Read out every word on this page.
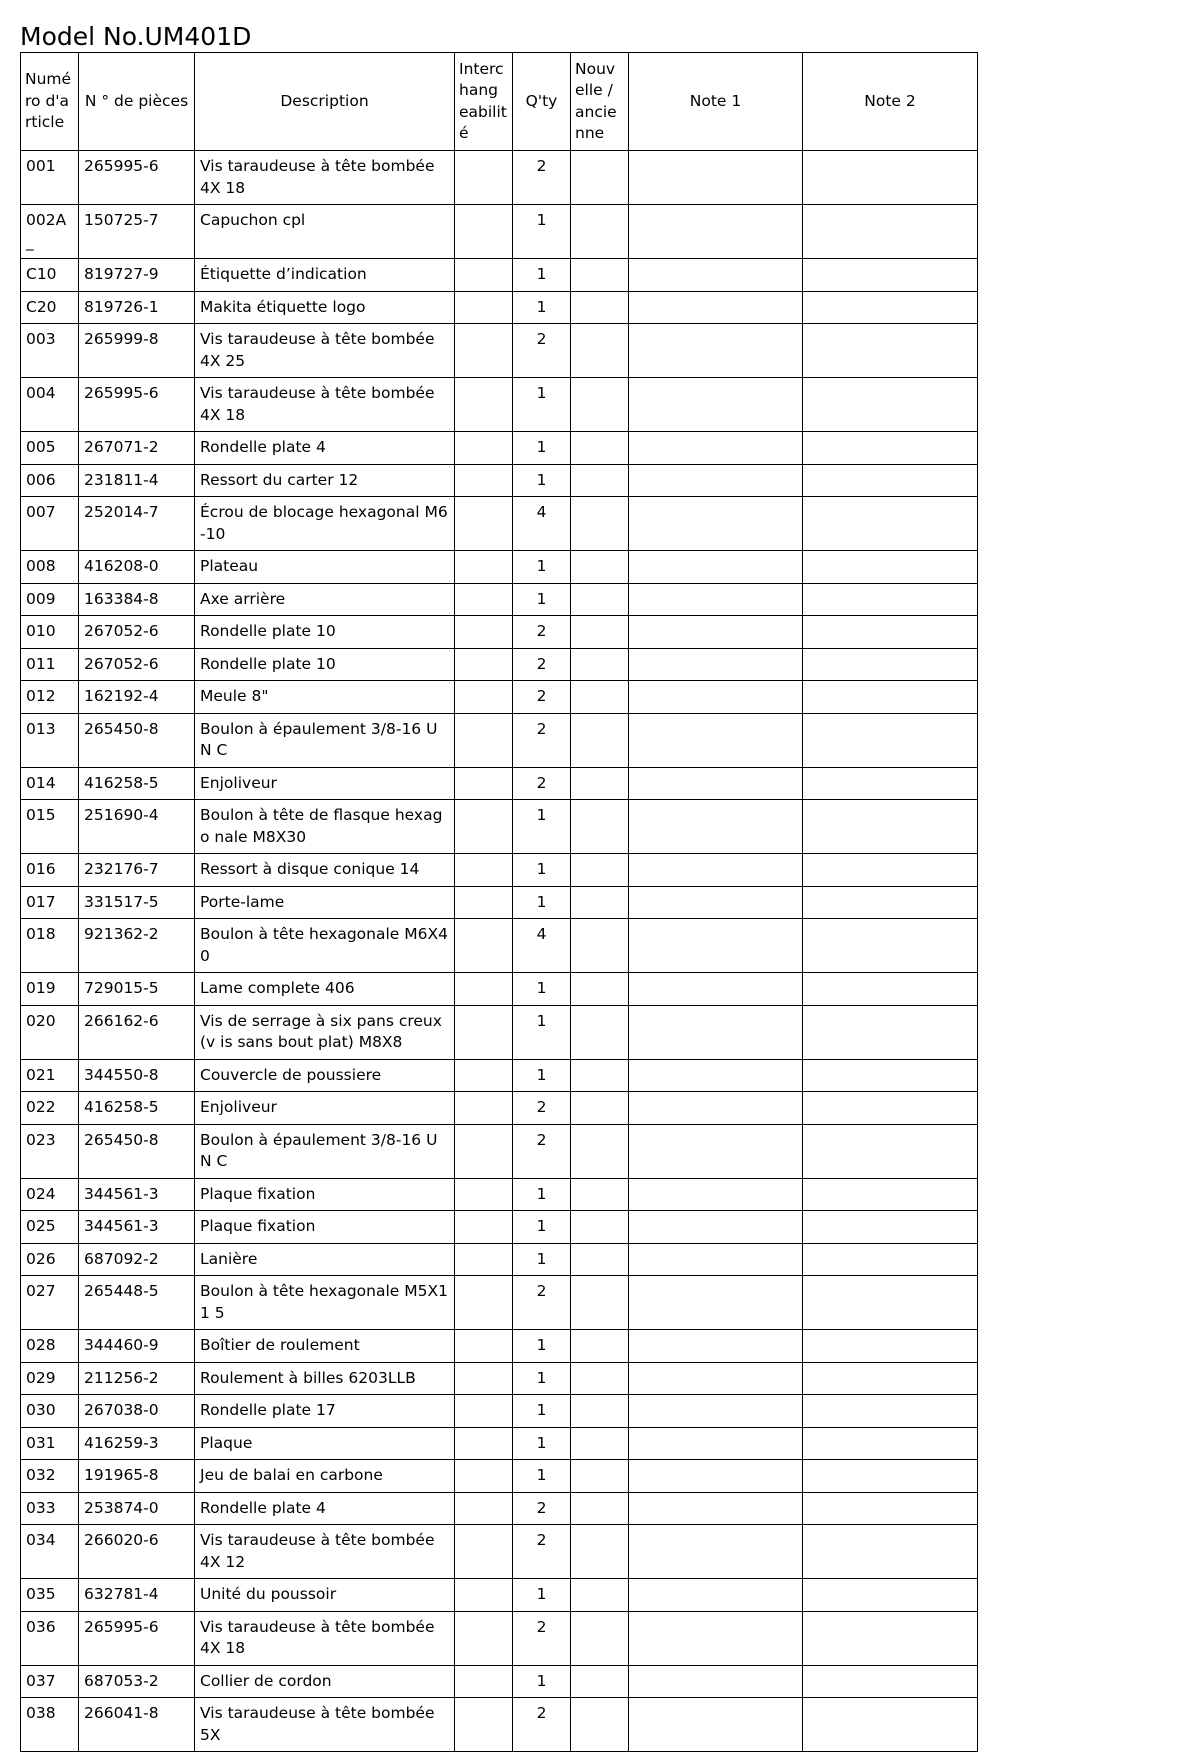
Model No.UM401D
Numé ro d'a rticle	N ° de pièces	Description	Interc hang eabilit é	Q'ty	Nouv elle / ancie nne	Note 1	Note 2
001	265995-6	Vis taraudeuse à tête bombée 4X 18		2			
002A_	150725-7	Capuchon cpl		1			
C10	819727-9	Étiquette d’indication		1			
C20	819726-1	Makita étiquette logo		1			
003	265999-8	Vis taraudeuse à tête bombée 4X 25		2			
004	265995-6	Vis taraudeuse à tête bombée 4X 18		1			
005	267071-2	Rondelle plate 4		1			
006	231811-4	Ressort du carter 12		1			
007	252014-7	Écrou de blocage hexagonal M6-10		4			
008	416208-0	Plateau		1			
009	163384-8	Axe arrière		1			
010	267052-6	Rondelle plate 10		2			
011	267052-6	Rondelle plate 10		2			
012	162192-4	Meule 8"		2			
013	265450-8	Boulon à épaulement 3/8-16 UN C		2			
014	416258-5	Enjoliveur		2			
015	251690-4	Boulon à tête de flasque hexago nale M8X30		1			
016	232176-7	Ressort à disque conique 14		1			
017	331517-5	Porte-lame		1			
018	921362-2	Boulon à tête hexagonale M6X40		4			
019	729015-5	Lame complete 406		1			
020	266162-6	Vis de serrage à six pans creux (v is sans bout plat) M8X8		1			
021	344550-8	Couvercle de poussiere		1			
022	416258-5	Enjoliveur		2			
023	265450-8	Boulon à épaulement 3/8-16 UN C		2			
024	344561-3	Plaque fixation		1			
025	344561-3	Plaque fixation		1			
026	687092-2	Lanière		1			
027	265448-5	Boulon à tête hexagonale M5X11 5		2			
028	344460-9	Boîtier de roulement		1			
029	211256-2	Roulement à billes 6203LLB		1			
030	267038-0	Rondelle plate 17		1			
031	416259-3	Plaque		1			
032	191965-8	Jeu de balai en carbone		1			
033	253874-0	Rondelle plate 4		2			
034	266020-6	Vis taraudeuse à tête bombée 4X 12		2			
035	632781-4	Unité du poussoir		1			
036	265995-6	Vis taraudeuse à tête bombée 4X 18		2			
037	687053-2	Collier de cordon		1			
038	266041-8	Vis taraudeuse à tête bombée 5X		2			
